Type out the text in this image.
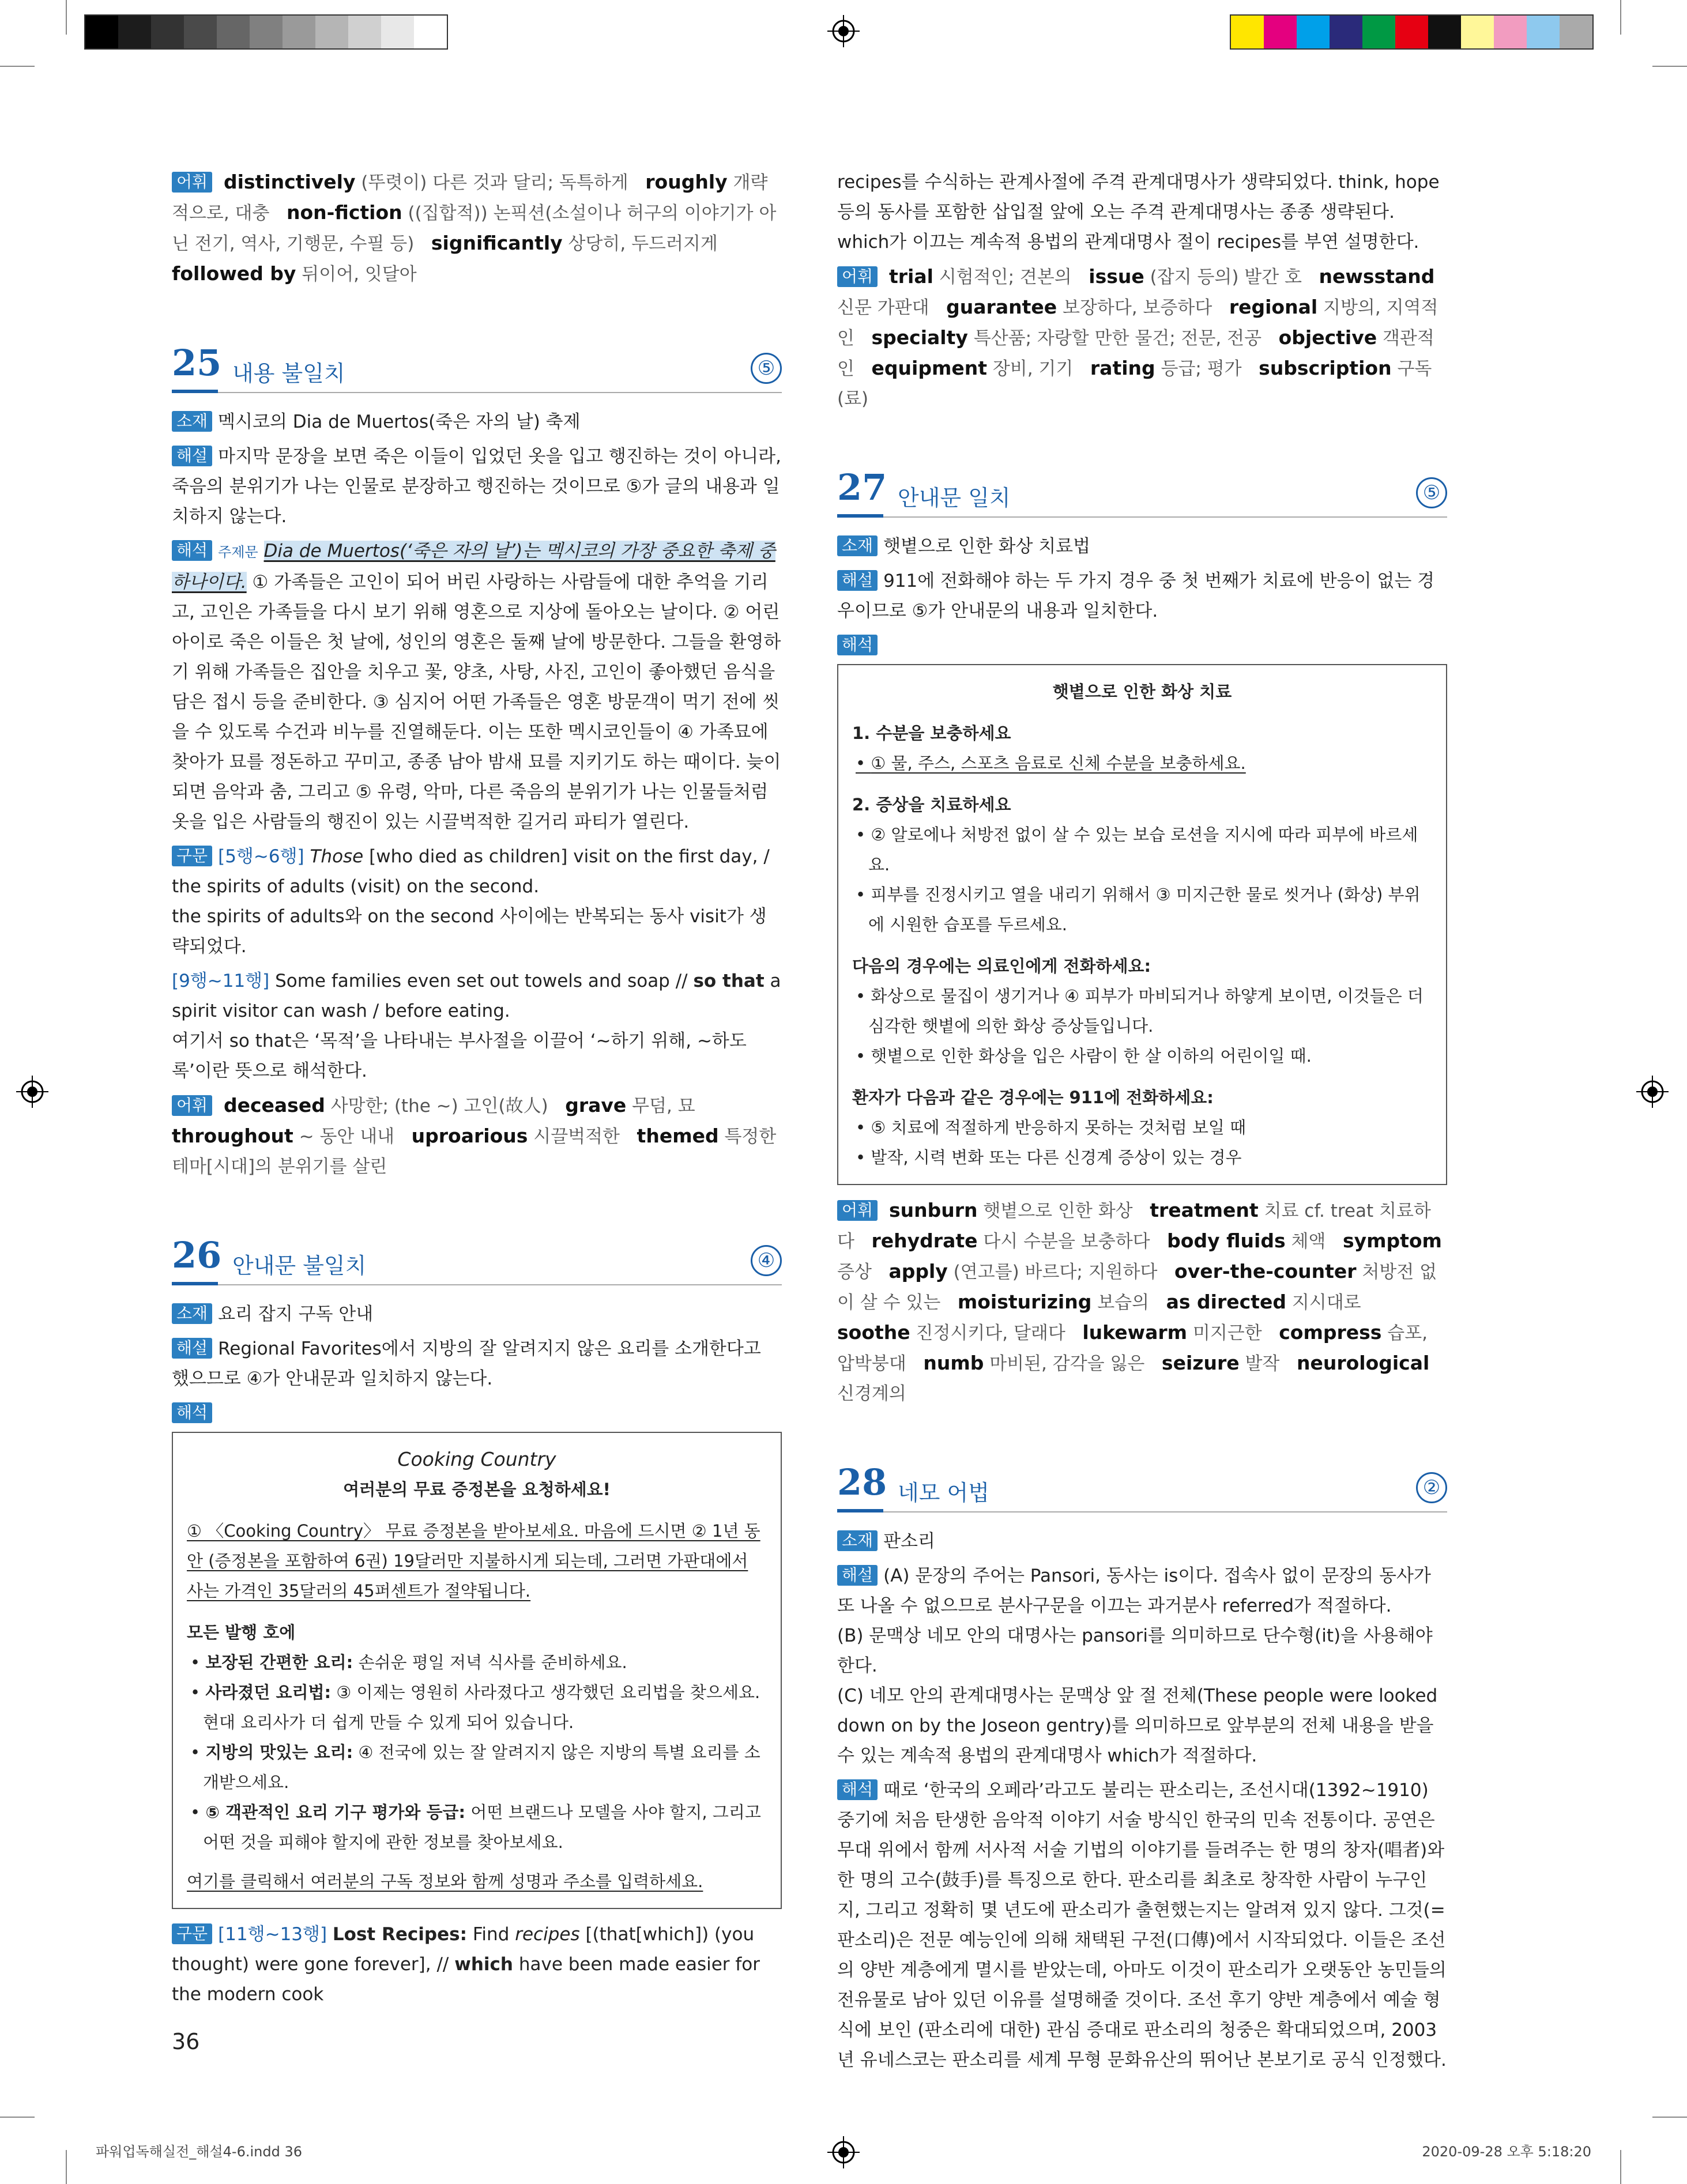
어휘 distinctively (뚜렷이) 다른 것과 달리; 독특하게 roughly 개략적으로, 대충 non-fiction ((집합적)) 논픽션(소설이나 허구의 이야기가 아닌 전기, 역사, 기행문, 수필 등) significantly 상당히, 두드러지게   followed by 뒤이어, 잇달아

25 내용 불일치	⑤

소재 멕시코의 Dia de Muertos(죽은 자의 날) 축제

해설 마지막 문장을 보면 죽은 이들이 입었던 옷을 입고 행진하는 것이 아니라, 죽음의 분위기가 나는 인물로 분장하고 행진하는 것이므로 ⑤가 글의 내용과 일치하지 않는다.

해석 주제문 Dia de Muertos(‘죽은 자의 날’)는 멕시코의 가장 중요한 축제 중 하나이다. ① 가족들은 고인이 되어 버린 사랑하는 사람들에 대한 추억을 기리고, 고인은 가족들을 다시 보기 위해 영혼으로 지상에 돌아오는 날이다. ② 어린아이로 죽은 이들은 첫 날에, 성인의 영혼은 둘째 날에 방문한다. 그들을 환영하기 위해 가족들은 집안을 치우고 꽃, 양초, 사탕, 사진, 고인이 좋아했던 음식을 담은 접시 등을 준비한다. ③ 심지어 어떤 가족들은 영혼 방문객이 먹기 전에 씻을 수 있도록 수건과 비누를 진열해둔다. 이는 또한 멕시코인들이 ④ 가족묘에 찾아가 묘를 정돈하고 꾸미고, 종종 남아 밤새 묘를 지키기도 하는 때이다. 늦이 되면 음악과 춤, 그리고 ⑤ 유령, 악마, 다른 죽음의 분위기가 나는 인물들처럼 옷을 입은 사람들의 행진이 있는 시끌벅적한 길거리 파티가 열린다.

구문 [5행~6행] Those [who died as children] visit on the first day, / the spirits of adults (visit) on the second.

the spirits of adults와 on the second 사이에는 반복되는 동사 visit가 생략되었다.

[9행~11행] Some families even set out towels and soap // so that a spirit visitor can wash / before eating.

여기서 so that은 ‘목적’을 나타내는 부사절을 이끌어 ‘~하기 위해, ~하도록’이란 뜻으로 해석한다.

어휘 deceased 사망한; (the ~) 고인(故人) grave 무덤, 묘   throughout ~ 동안 내내 uproarious 시끌벅적한 themed 특정한 테마[시대]의 분위기를 살린

26 안내문 불일치	④

소재 요리 잡지 구독 안내

해설 Regional Favorites에서 지방의 잘 알려지지 않은 요리를 소개한다고 했으므로 ④가 안내문과 일치하지 않는다.

해석

Cooking Country
여러분의 무료 증정본을 요청하세요!

① 〈Cooking Country〉 무료 증정본을 받아보세요. 마음에 드시면 ② 1년 동안 (증정본을 포함하여 6권) 19달러만 지불하시게 되는데, 그러면 가판대에서 사는 가격인 35달러의 45퍼센트가 절약됩니다.

모든 발행 호에

• 보장된 간편한 요리: 손쉬운 평일 저녁 식사를 준비하세요.

• 사라졌던 요리법: ③ 이제는 영원히 사라졌다고 생각했던 요리법을 찾으세요. 현대 요리사가 더 쉽게 만들 수 있게 되어 있습니다.

• 지방의 맛있는 요리: ④ 전국에 있는 잘 알려지지 않은 지방의 특별 요리를 소개받으세요.

• ⑤ 객관적인 요리 기구 평가와 등급: 어떤 브랜드나 모델을 사야 할지, 그리고 어떤 것을 피해야 할지에 관한 정보를 찾아보세요.

여기를 클릭해서 여러분의 구독 정보와 함께 성명과 주소를 입력하세요.

구문 [11행~13행] Lost Recipes: Find recipes [(that[which]) (you thought) were gone forever], // which have been made easier for the modern cook

recipes를 수식하는 관계사절에 주격 관계대명사가 생략되었다. think, hope 등의 동사를 포함한 삽입절 앞에 오는 주격 관계대명사는 종종 생략된다. which가 이끄는 계속적 용법의 관계대명사 절이 recipes를 부연 설명한다.

어휘 trial 시험적인; 견본의 issue (잡지 등의) 발간 호 newsstand 신문 가판대 guarantee 보장하다, 보증하다 regional 지방의, 지역적인 specialty 특산품; 자랑할 만한 물건; 전문, 전공 objective 객관적인 equipment 장비, 기기 rating 등급; 평가 subscription 구독(료)

27 안내문 일치	⑤

소재 햇볕으로 인한 화상 치료법

해설 911에 전화해야 하는 두 가지 경우 중 첫 번째가 치료에 반응이 없는 경우이므로 ⑤가 안내문의 내용과 일치한다.

해석

햇볕으로 인한 화상 치료

1. 수분을 보충하세요

• ① 물, 주스, 스포츠 음료로 신체 수분을 보충하세요.

2. 증상을 치료하세요

• ② 알로에나 처방전 없이 살 수 있는 보습 로션을 지시에 따라 피부에 바르세요.

• 피부를 진정시키고 열을 내리기 위해서 ③ 미지근한 물로 씻거나 (화상) 부위에 시원한 습포를 두르세요.

다음의 경우에는 의료인에게 전화하세요:

• 화상으로 물집이 생기거나 ④ 피부가 마비되거나 하얗게 보이면, 이것들은 더 심각한 햇볕에 의한 화상 증상들입니다.

• 햇볕으로 인한 화상을 입은 사람이 한 살 이하의 어린이일 때.

환자가 다음과 같은 경우에는 911에 전화하세요:

• ⑤ 치료에 적절하게 반응하지 못하는 것처럼 보일 때

• 발작, 시력 변화 또는 다른 신경계 증상이 있는 경우

어휘 sunburn 햇볕으로 인한 화상 treatment 치료 cf. treat 치료하다 rehydrate 다시 수분을 보충하다 body fluids 체액 symptom 증상 apply (연고를) 바르다; 지원하다 over-the-counter 처방전 없이 살 수 있는 moisturizing 보습의 as directed 지시대로   soothe 진정시키다, 달래다 lukewarm 미지근한 compress 습포, 압박붕대 numb 마비된, 감각을 잃은 seizure 발작 neurological 신경계의

28 네모 어법	②

소재 판소리

해설 (A) 문장의 주어는 Pansori, 동사는 is이다. 접속사 없이 문장의 동사가 또 나올 수 없으므로 분사구문을 이끄는 과거분사 referred가 적절하다.

(B) 문맥상 네모 안의 대명사는 pansori를 의미하므로 단수형(it)을 사용해야 한다.

(C) 네모 안의 관계대명사는 문맥상 앞 절 전체(These people were looked down on by the Joseon gentry)를 의미하므로 앞부분의 전체 내용을 받을 수 있는 계속적 용법의 관계대명사 which가 적절하다.

해석 때로 ‘한국의 오페라’라고도 불리는 판소리는, 조선시대(1392~1910) 중기에 처음 탄생한 음악적 이야기 서술 방식인 한국의 민속 전통이다. 공연은 무대 위에서 함께 서사적 서술 기법의 이야기를 들려주는 한 명의 창자(唱者)와 한 명의 고수(鼓手)를 특징으로 한다. 판소리를 최초로 창작한 사람이 누구인지, 그리고 정확히 몇 년도에 판소리가 출현했는지는 알려져 있지 않다. 그것(=판소리)은 전문 예능인에 의해 채택된 구전(口傳)에서 시작되었다. 이들은 조선의 양반 계층에게 멸시를 받았는데, 아마도 이것이 판소리가 오랫동안 농민들의 전유물로 남아 있던 이유를 설명해줄 것이다. 조선 후기 양반 계층에서 예술 형식에 보인 (판소리에 대한) 관심 증대로 판소리의 청중은 확대되었으며, 2003년 유네스코는 판소리를 세계 무형 문화유산의 뛰어난 본보기로 공식 인정했다.

36
파워업독해실전_해설4-6.indd 36	2020-09-28 오후 5:18:20
